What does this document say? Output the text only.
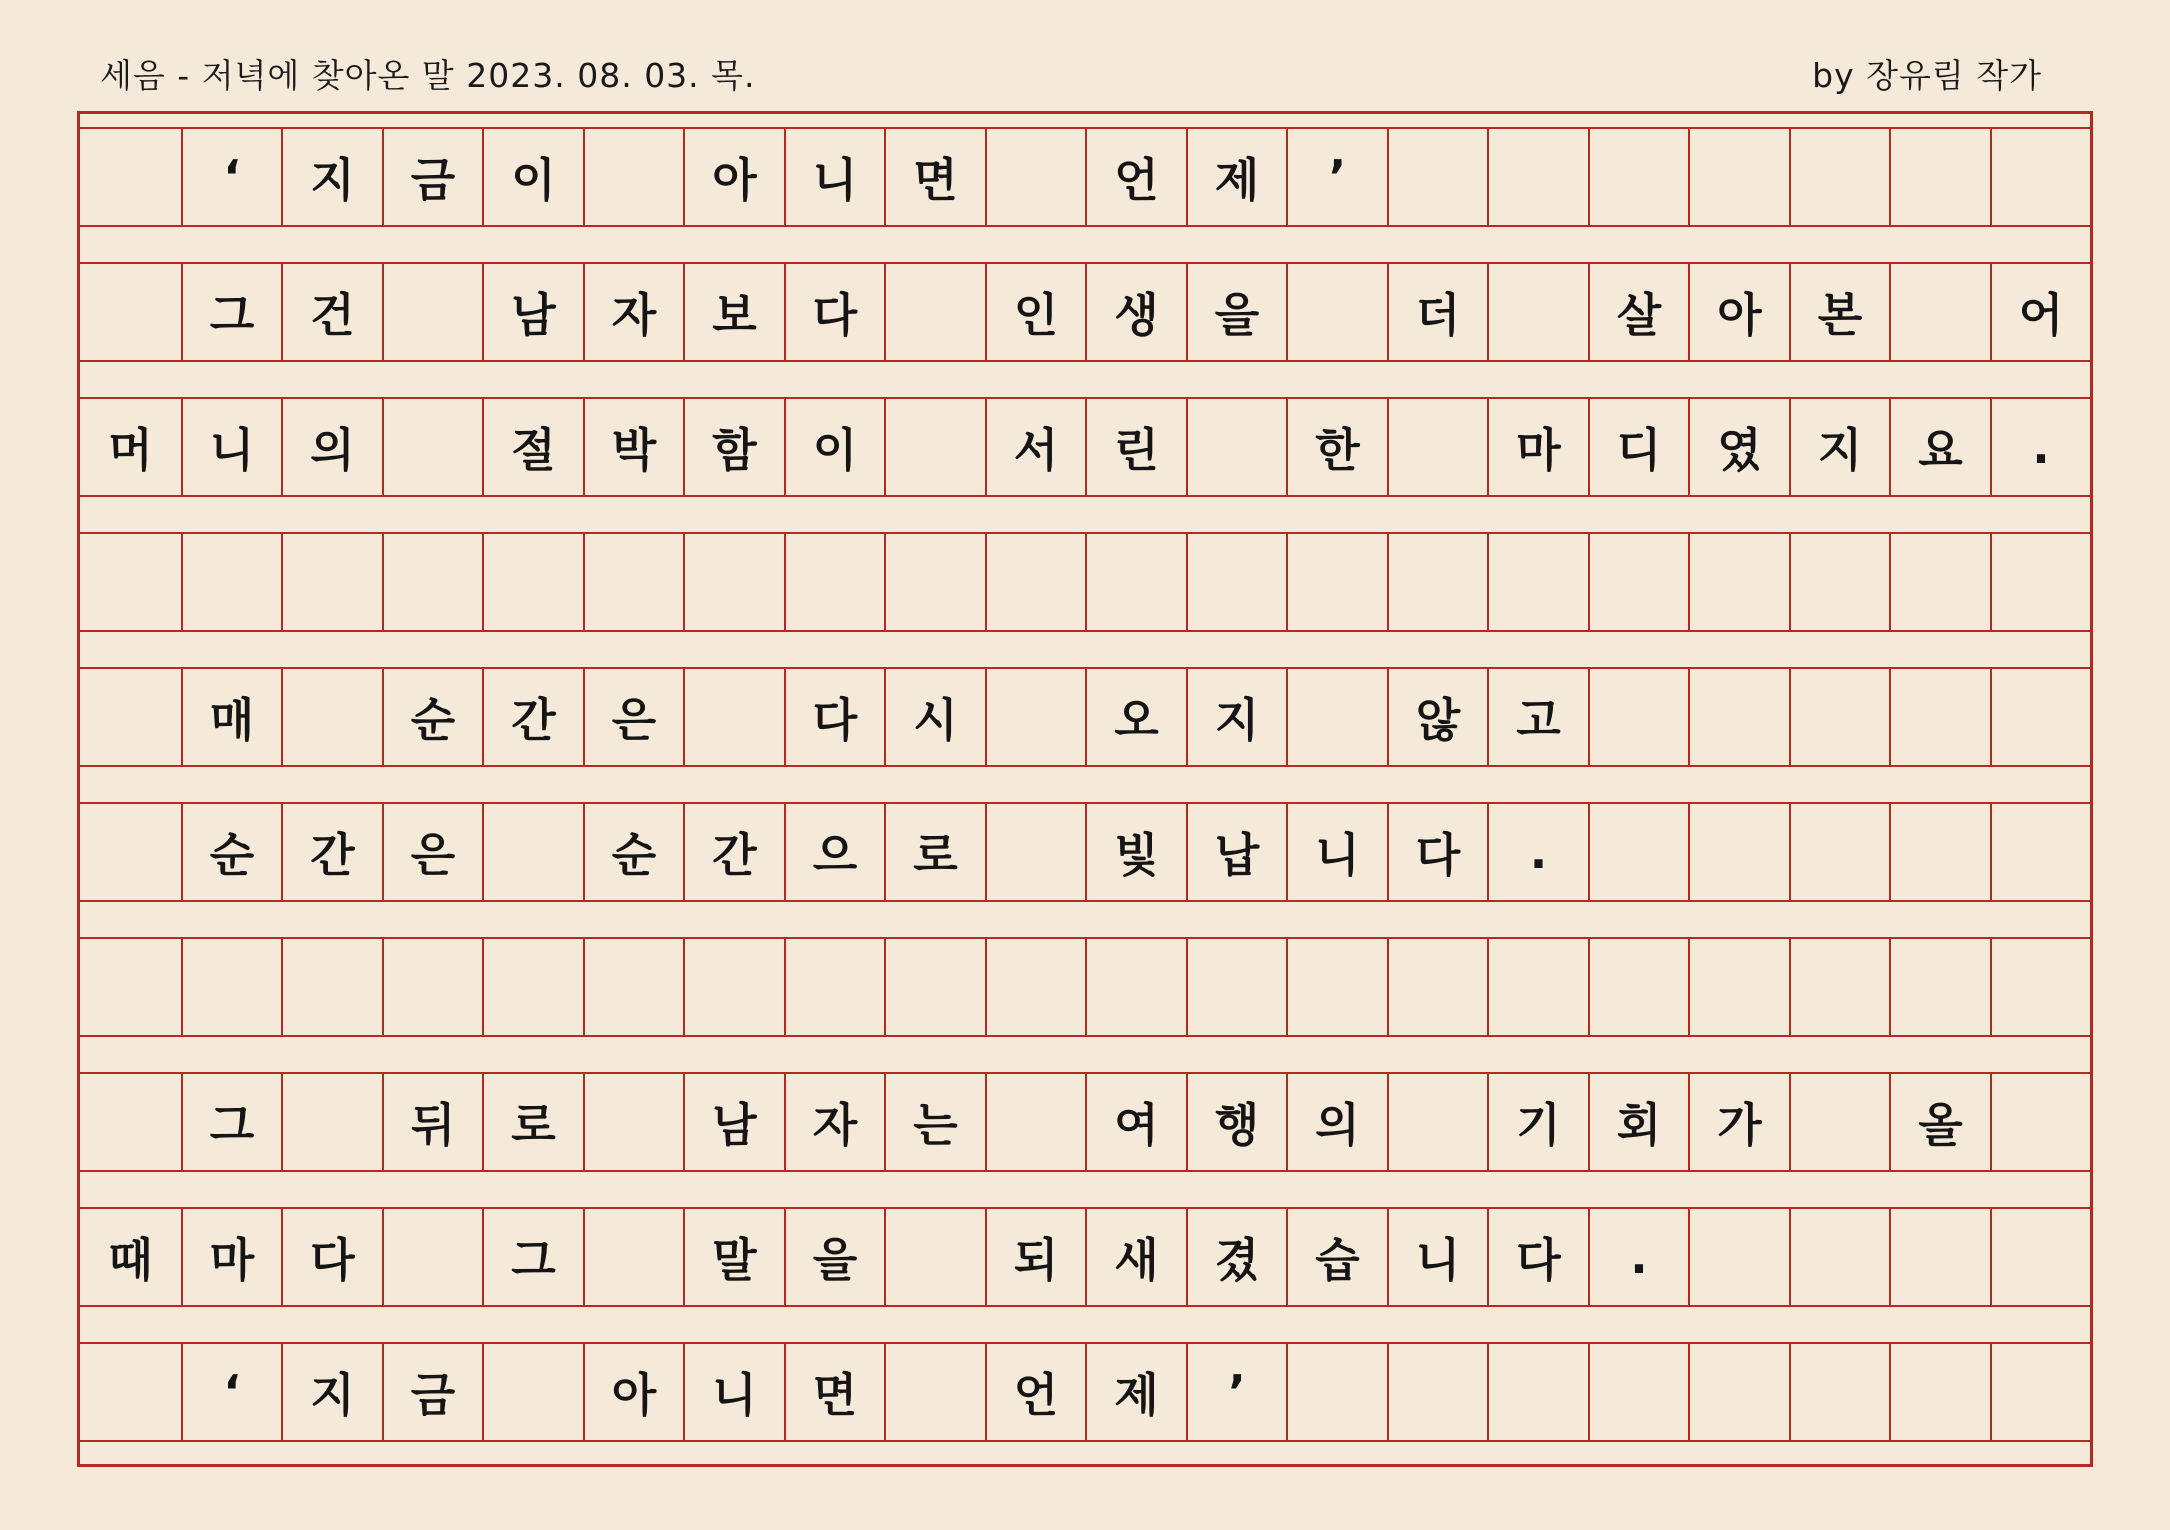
세음 - 저녁에 찾아온 말 2023. 08. 03. 목.	by 장유림 작가
‘	지	금	이	아	니	면	언	제	’
그	건	남	자	보	다	인	생	을	더	살	아	본	어
머	니	의	절	박	함	이	서	린	한	마	디	였	지	요	.
매	순	간	은	다	시	오	지	않	고
순	간	은	순	간	으	로	빛	납	니	다	.
그	뒤	로	남	자	는	여	행	의	기	회	가	올
때	마	다	그	말	을	되	새	겼	습	니	다	.
‘	지	금	아	니	면	언	제	’
